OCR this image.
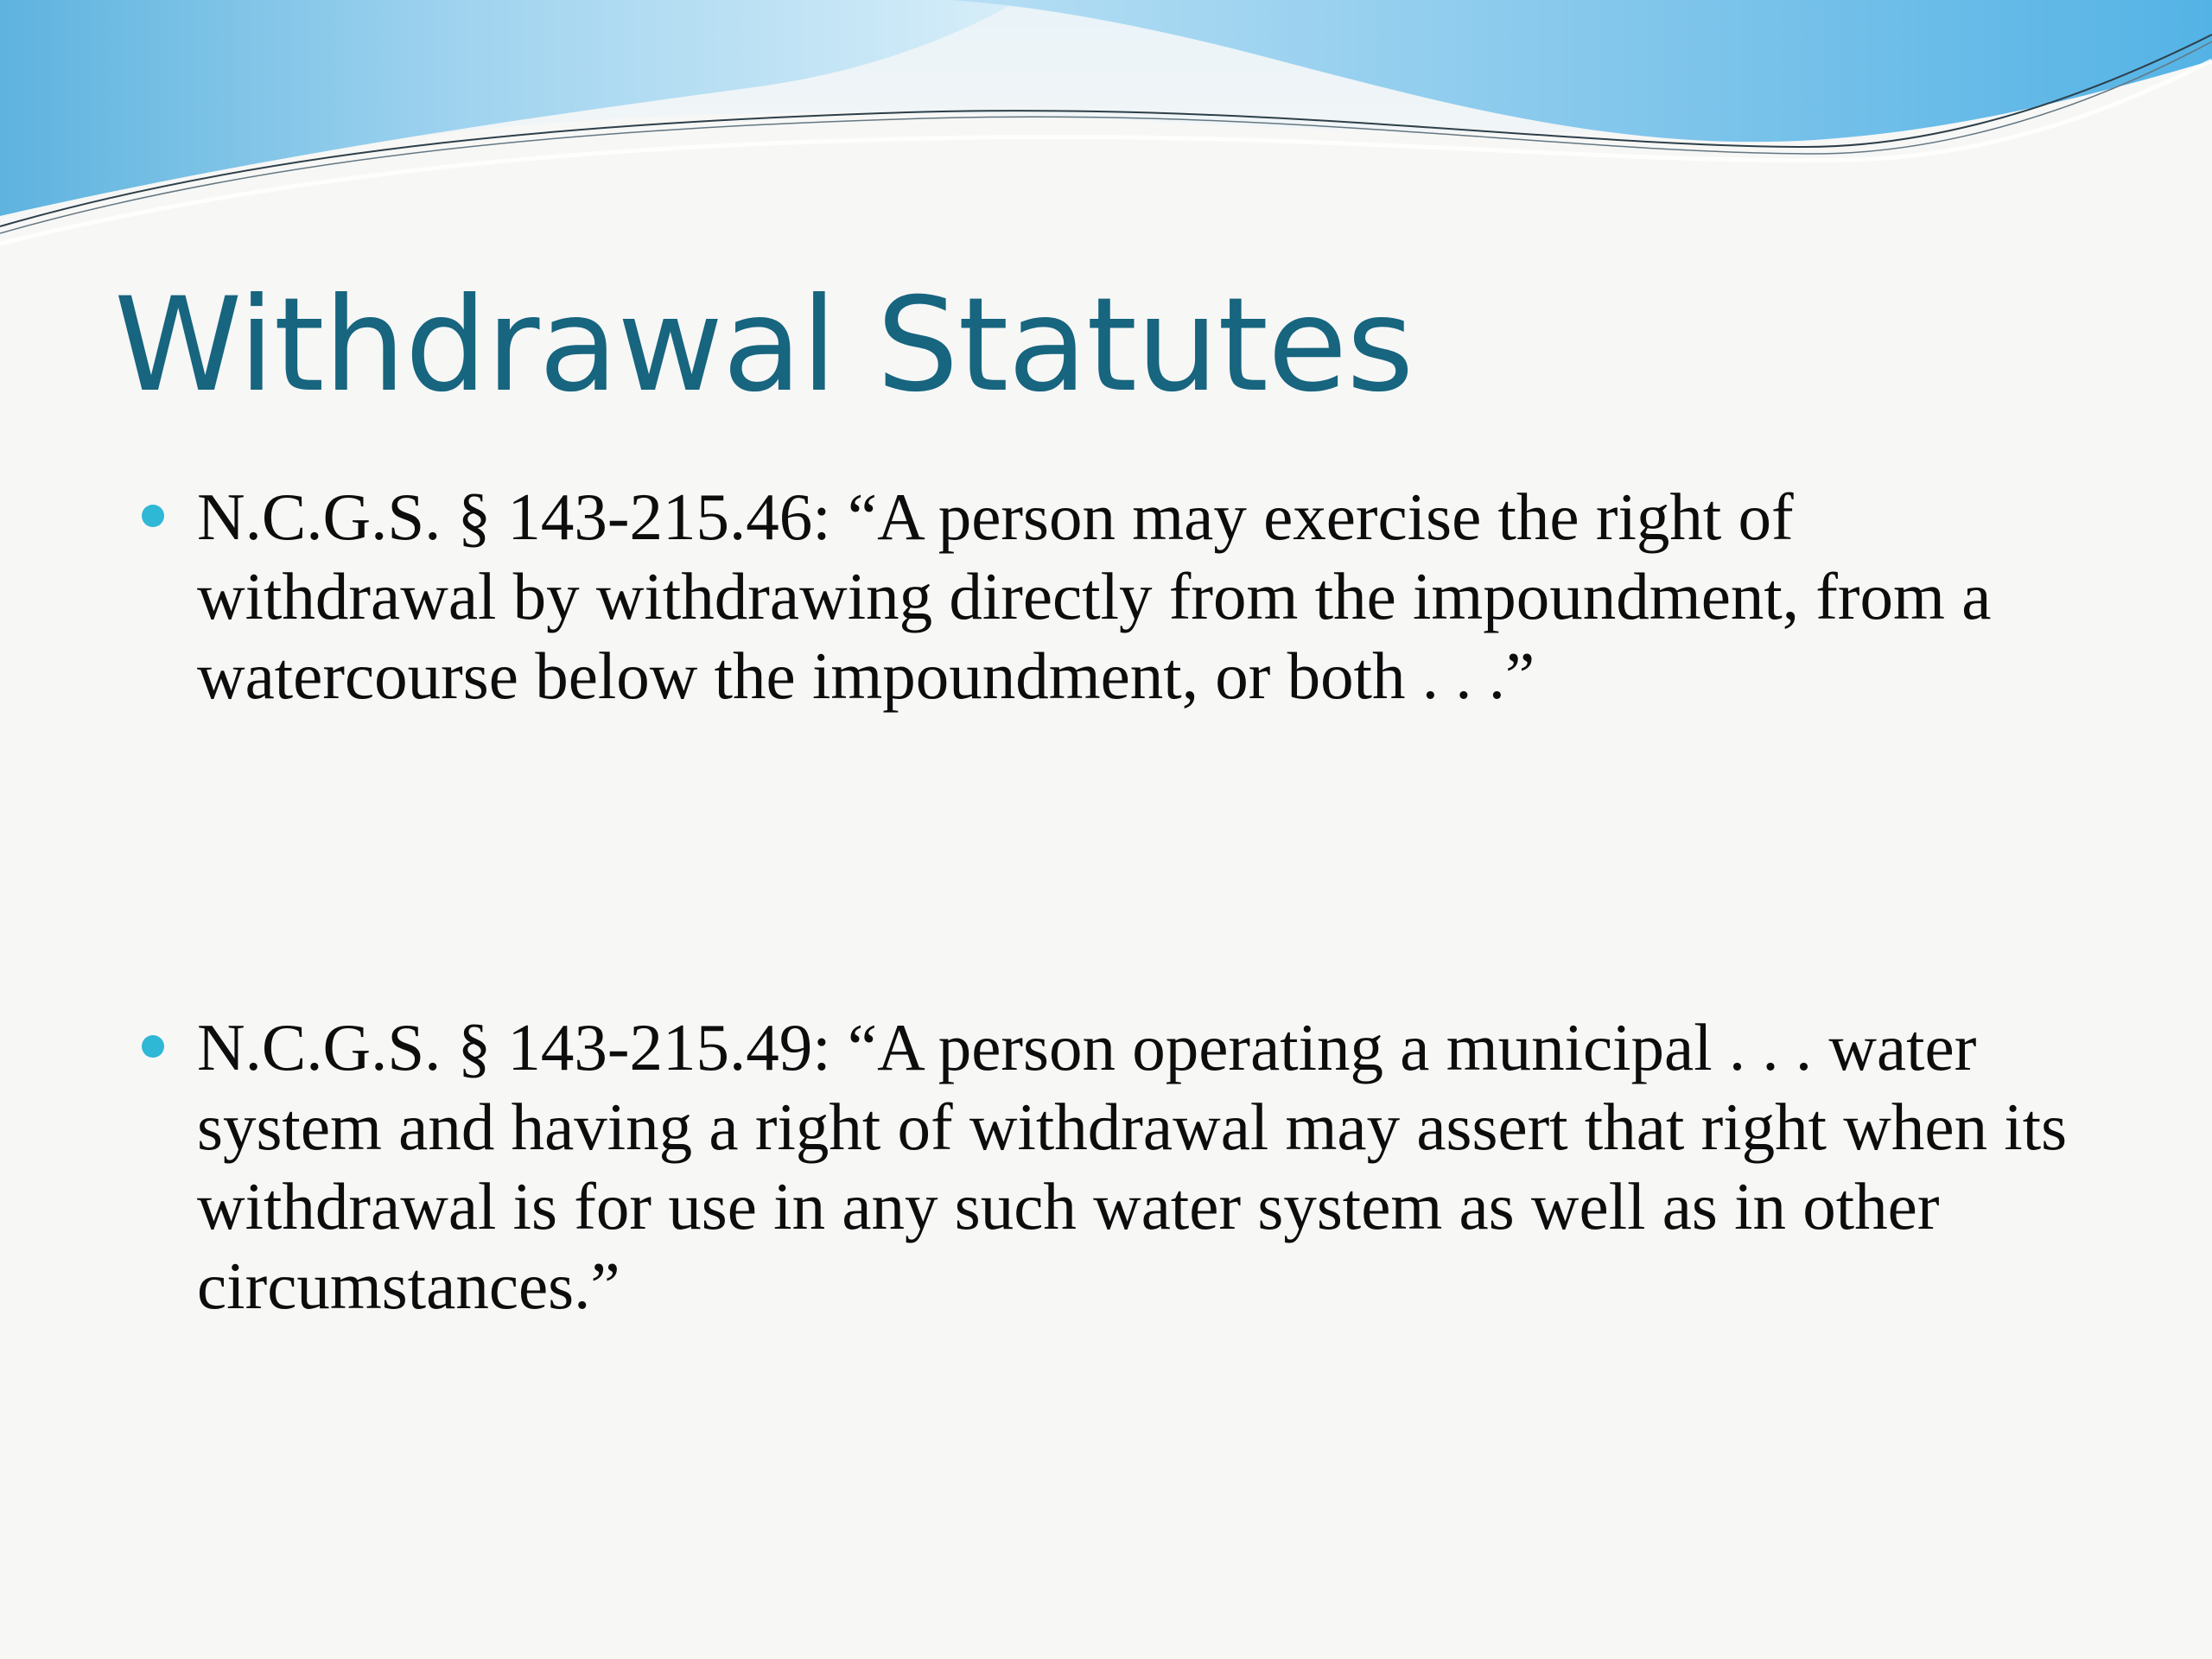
Withdrawal Statutes
N.C.G.S. § 143-215.46: “A person may exercise the right of withdrawal by withdrawing directly from the impoundment, from a watercourse below the impoundment, or both . . .”
N.C.G.S. § 143-215.49: “A person operating a municipal . . . water system and having a right of withdrawal may assert that right when its withdrawal is for use in any such water system as well as in other circumstances.”
